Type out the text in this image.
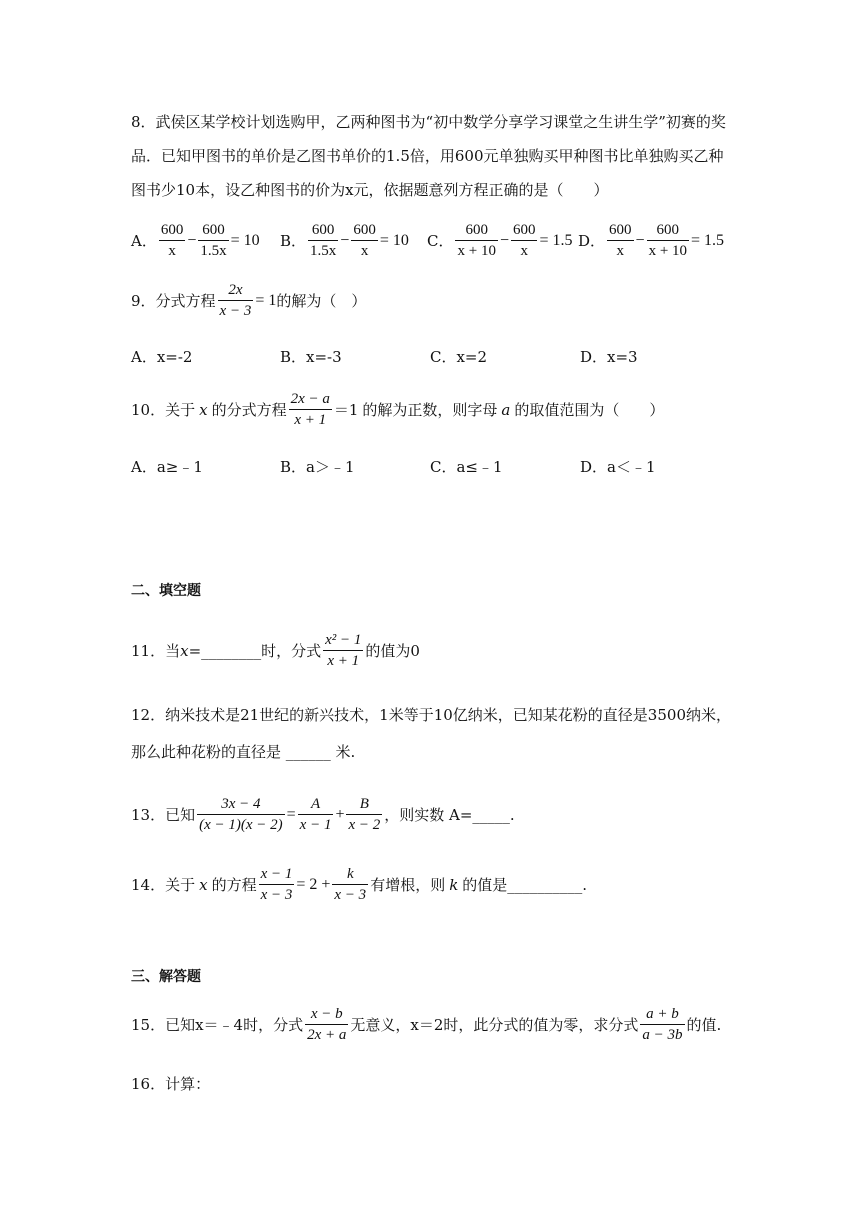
8．武侯区某学校计划选购甲，乙两种图书为“初中数学分享学习课堂之生讲生学”初赛的奖
品．已知甲图书的单价是乙图书单价的1.5倍，用600元单独购买甲种图书比单独购买乙种
图书少10本，设乙种图书的价为x元，依据题意列方程正确的是（　　）
A． $\frac{600}{x} - \frac{600}{1.5x} = 10$ B． $\frac{600}{1.5x} - \frac{600}{x} = 10$ C． $\frac{600}{x + 10} - \frac{600}{x} = 1.5$ D． $\frac{600}{x} - \frac{600}{x + 10} = 1.5$
9．分式方程 $\frac{2x}{x - 3} = 1$ 的解为（　）
A．x=-2	B．x=-3	C．x=2	D．x=3
10．关于 x 的分式方程 $\frac{2x - a}{x + 1} =1$ 的解为正数，则字母 a 的取值范围为（　　）
A．a≥﹣1	B．a＞﹣1	C．a≤﹣1	D．a＜﹣1
二、填空题
11．当 x =________时，分式 $\frac{\text{x² − 1}}{x + 1}$ 的值为0
12．纳米技术是21世纪的新兴技术，1米等于10亿纳米，已知某花粉的直径是3500纳米，
那么此种花粉的直径是 ______ 米.
13．已知 $\frac{3x - 4}{(x - 1)(x - 2)} = \frac{A}{x - 1} + \frac{B}{x - 2}$ ，则实数 A=_____.
14．关于 x 的方程 $\frac{x - 1}{x - 3} = 2 + \frac{k}{x - 3}$ 有增根，则 k 的值是__________.
三、解答题
15．已知 x＝﹣4时，分式 $\frac{x - b}{2x + a}$ 无意义， x＝2时，此分式的值为零，求分式 $\frac{a + b}{a - 3b}$ 的值.
16．计算：
